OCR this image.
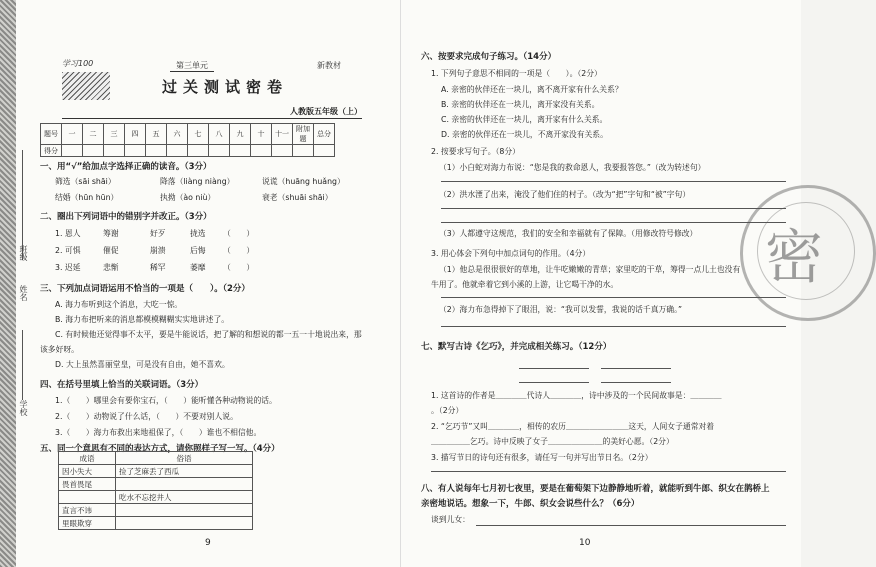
班级
姓名
学校
学习100	第三单元	新教材
过关测试密卷
人教版五年级（上）
题号	一	二	三	四	五	六	七	八	九	十	十一	附加题	总分
得分													
一、用“√”给加点字选择正确的读音。（3分）
筛选（sāi shāi）	降落（liàng niàng）	说谎（huāng huǎng）
结婚（hūn hūn）	执拗（ào niù）	衰老（shuāi shāi）
二、圈出下列词语中的错别字并改正。（3分）
1. 恩人	筹谢	好歹	拢选 （　　）
2. 可惧	催促	崩溃	后悔 （　　）
3. 迟延	悲惭	稀罕	萎靡 （　　）
三、下列加点词语运用不恰当的一项是（　　）。（2分）
A. 海力布听到这个消息，大吃一惊。
B. 海力布把听来的消息都模模糊糊实实地讲述了。
C. 有时候他还觉得事不太平，要是牛能说话，把了解的和想说的都一五一十地说出来，那
该多好呀。
D. 大上虽然喜丽堂皇，可是没有自由，她不喜欢。
四、在括号里填上恰当的关联词语。（3分）
1.（　　）哪里会有要你宝石，（　　）能听懂各种动物说的话。
2.（　　）动物说了什么话，（　　）不要对别人说。
3.（　　）海力布救出来地祖保了，（　　）谁也不相信他。
五、同一个意思有不同的表达方式，请你照样子写一写。（4分）
成语	俗语
因小失大	捡了芝麻丢了西瓜
畏首畏尾	
	吃水不忘挖井人
直言不讳	
里眼欺穿	
9
六、按要求完成句子练习。（14分）
1. 下列句子意思不相同的一项是（　　）。（2分）
A. 亲密的伙伴还在一块儿，离不离开家有什么关系？
B. 亲密的伙伴还在一块儿，离开家没有关系。
C. 亲密的伙伴还在一块儿，离开家有什么关系。
D. 亲密的伙伴还在一块儿，不离开家没有关系。
2. 按要求写句子。（8分）
（1）小白蛇对海力布说：“您是我的救命恩人，我要报答您。”（改为转述句）
（2）洪水湮了出来，淹没了他们住的村子。（改为“把”字句和“被”字句）
（3）人都遵守这规范，我们的安全和幸福就有了保障。（用修改符号修改）
3. 用心体会下列句中加点词句的作用。（4分）
（1）他总是很很很好的草地，让牛吃嫩嫩的青草；家里吃的干草，筹得一点儿土也没有
牛用了。他就牵着它到小溪的上游，让它喝干净的水。
（2）海力布急得掉下了眼泪，说：“我可以发誓，我说的话千真万确。”
七、默写古诗《乞巧》，并完成相关练习。（12分）
1. 这首诗的作者是＿＿＿＿代诗人＿＿＿＿，诗中涉及的一个民间故事是：＿＿＿＿
。（2分）
2. “乞巧节”又叫＿＿＿＿，相传的农历＿＿＿＿＿＿＿＿这天，人间女子通常对着
＿＿＿＿＿乞巧。诗中反映了女子＿＿＿＿＿＿＿的美好心愿。（2分）
3. 描写节日的诗句还有很多，请任写一句并写出节日名。（2分）
八、有人说每年七月初七夜里，要是在葡萄架下边静静地听着，就能听到牛郎、织女在鹊桥上
亲密地说话。想象一下，牛郎、织女会说些什么？（6分）
谈到儿女：
10
密
